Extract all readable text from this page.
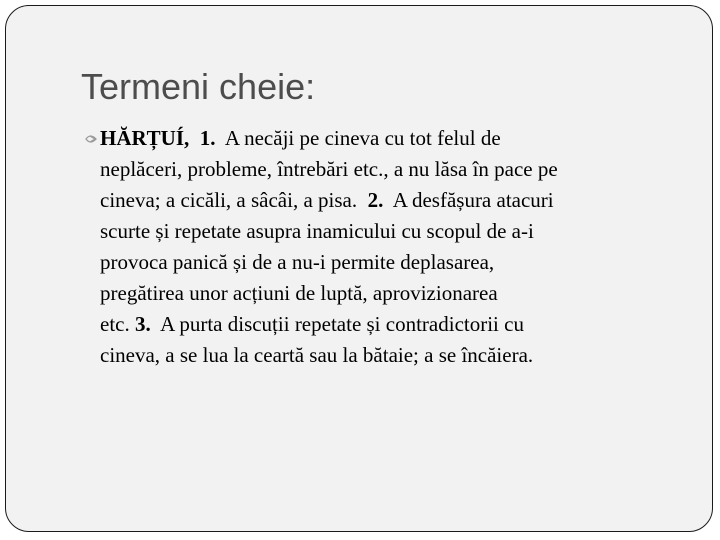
Termeni cheie:
HĂRȚUÍ, 1. A necăji pe cineva cu tot felul de
neplăceri, probleme, întrebări etc., a nu lăsa în pace pe
cineva; a cicăli, a sâcâi, a pisa. 2. A desfășura atacuri
scurte și repetate asupra inamicului cu scopul de a-i
provoca panică și de a nu-i permite deplasarea,
pregătirea unor acțiuni de luptă, aprovizionarea
etc. 3. A purta discuții repetate și contradictorii cu
cineva, a se lua la ceartă sau la bătaie; a se încăiera.
